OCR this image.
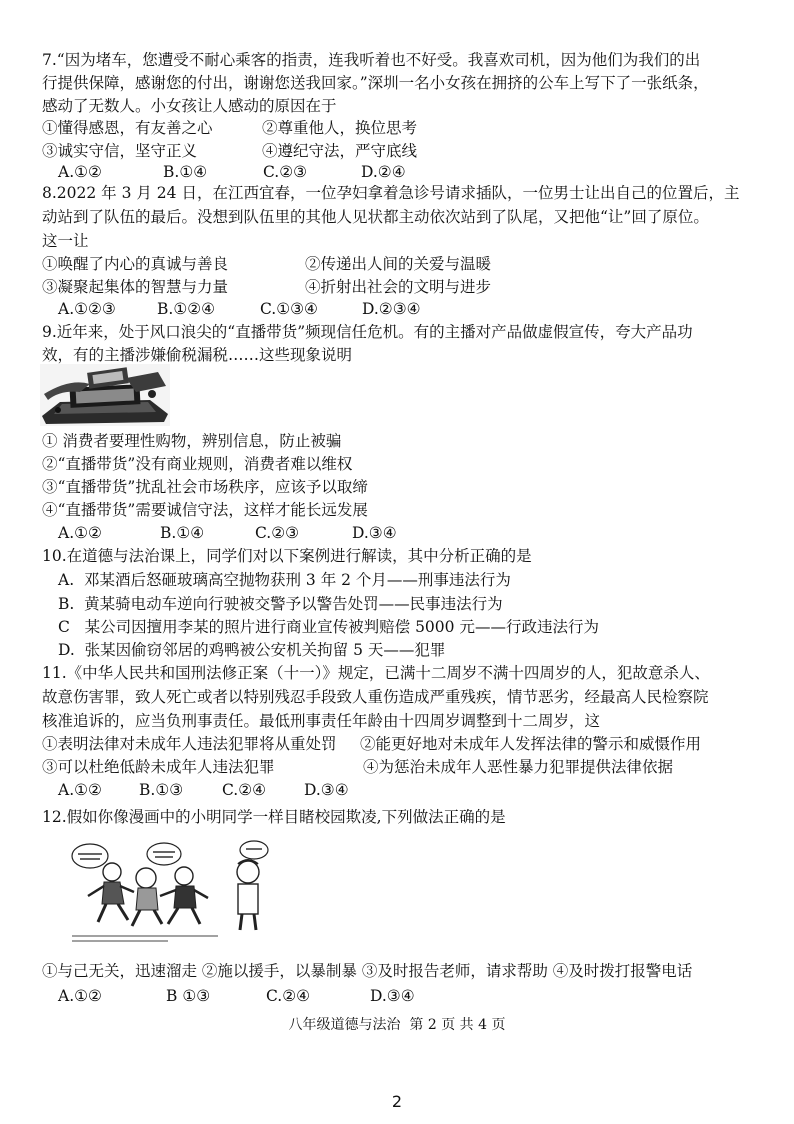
7.“因为堵车，您遭受不耐心乘客的指责，连我听着也不好受。我喜欢司机，因为他们为我们的出
行提供保障，感谢您的付出，谢谢您送我回家。”深圳一名小女孩在拥挤的公车上写下了一张纸条，
感动了无数人。小女孩让人感动的原因在于
①懂得感恩，有友善之心	②尊重他人，换位思考
③诚实守信，坚守正义	④遵纪守法，严守底线
A.①②	B.①④	C.②③	D.②④
8.2022 年 3 月 24 日，在江西宜春，一位孕妇拿着急诊号请求插队，一位男士让出自己的位置后，主
动站到了队伍的最后。没想到队伍里的其他人见状都主动依次站到了队尾，又把他“让”回了原位。
这一让
①唤醒了内心的真诚与善良	②传递出人间的关爱与温暖
③凝聚起集体的智慧与力量	④折射出社会的文明与进步
A.①②③	B.①②④	C.①③④	D.②③④
9.近年来，处于风口浪尖的“直播带货”频现信任危机。有的主播对产品做虚假宣传，夸大产品功
效，有的主播涉嫌偷税漏税……这些现象说明
① 消费者要理性购物，辨别信息，防止被骗
②“直播带货”没有商业规则，消费者难以维权
③“直播带货”扰乱社会市场秩序，应该予以取缔
④“直播带货”需要诚信守法，这样才能长远发展
A.①②	B.①④	C.②③	D.③④
10.在道德与法治课上，同学们对以下案例进行解读，其中分析正确的是
A.  邓某酒后怒砸玻璃高空抛物获刑 3 年 2 个月——刑事违法行为
B.  黄某骑电动车逆向行驶被交警予以警告处罚——民事违法行为
C   某公司因擅用李某的照片进行商业宣传被判赔偿 5000 元——行政违法行为
D.  张某因偷窃邻居的鸡鸭被公安机关拘留 5 天——犯罪
11.《中华人民共和国刑法修正案（十一）》规定，已满十二周岁不满十四周岁的人，犯故意杀人、
故意伤害罪，致人死亡或者以特别残忍手段致人重伤造成严重残疾，情节恶劣，经最高人民检察院
核准追诉的，应当负刑事责任。最低刑事责任年龄由十四周岁调整到十二周岁，这
①表明法律对未成年人违法犯罪将从重处罚 ②能更好地对未成年人发挥法律的警示和威慑作用
③可以杜绝低龄未成年人违法犯罪	④为惩治未成年人恶性暴力犯罪提供法律依据
A.①② B.①③	C.②④ D.③④
12.假如你像漫画中的小明同学一样目睹校园欺凌,下列做法正确的是
①与己无关，迅速溜走 ②施以援手，以暴制暴 ③及时报告老师，请求帮助 ④及时拨打报警电话
A.①②	B ①③	C.②④	D.③④
八年级道德与法治  第 2 页 共 4 页
2
